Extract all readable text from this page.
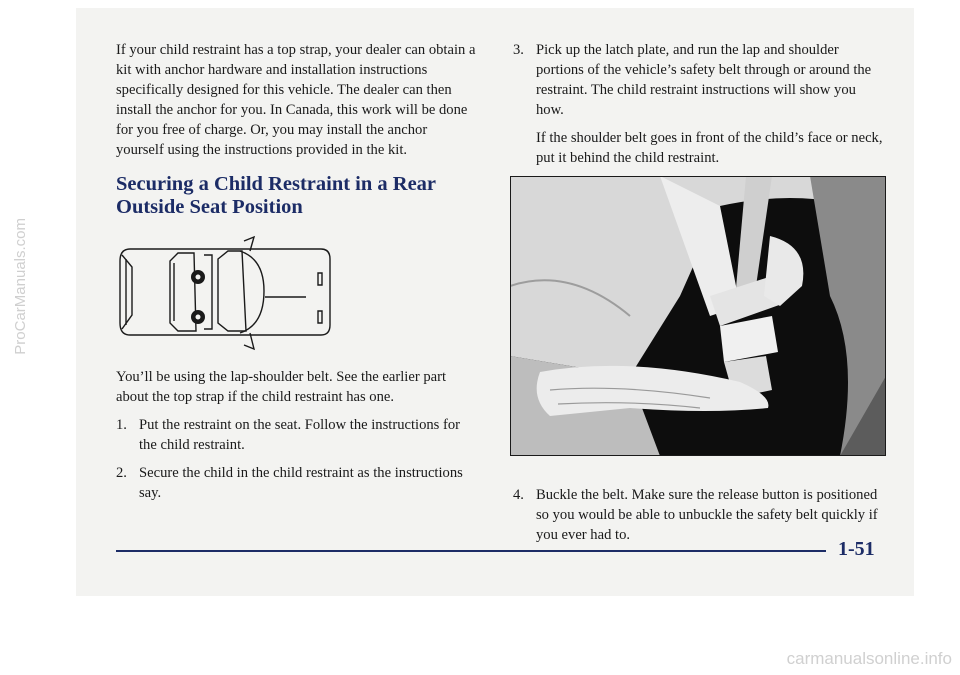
If your child restraint has a top strap, your dealer can obtain a kit with anchor hardware and installation instructions specifically designed for this vehicle. The dealer can then install the anchor for you. In Canada, this work will be done for you free of charge. Or, you may install the anchor yourself using the instructions provided in the kit.

Securing a Child Restraint in a Rear Outside Seat Position

You’ll be using the lap-shoulder belt. See the earlier part about the top strap if the child restraint has one.

1. Put the restraint on the seat. Follow the instructions for the child restraint.
2. Secure the child in the child restraint as the instructions say.
3. Pick up the latch plate, and run the lap and shoulder portions of the vehicle’s safety belt through or around the restraint. The child restraint instructions will show you how.

If the shoulder belt goes in front of the child’s face or neck, put it behind the child restraint.

4. Buckle the belt. Make sure the release button is positioned so you would be able to unbuckle the safety belt quickly if you ever had to.
1-51
ProCarManuals.com
carmanualsonline.info
